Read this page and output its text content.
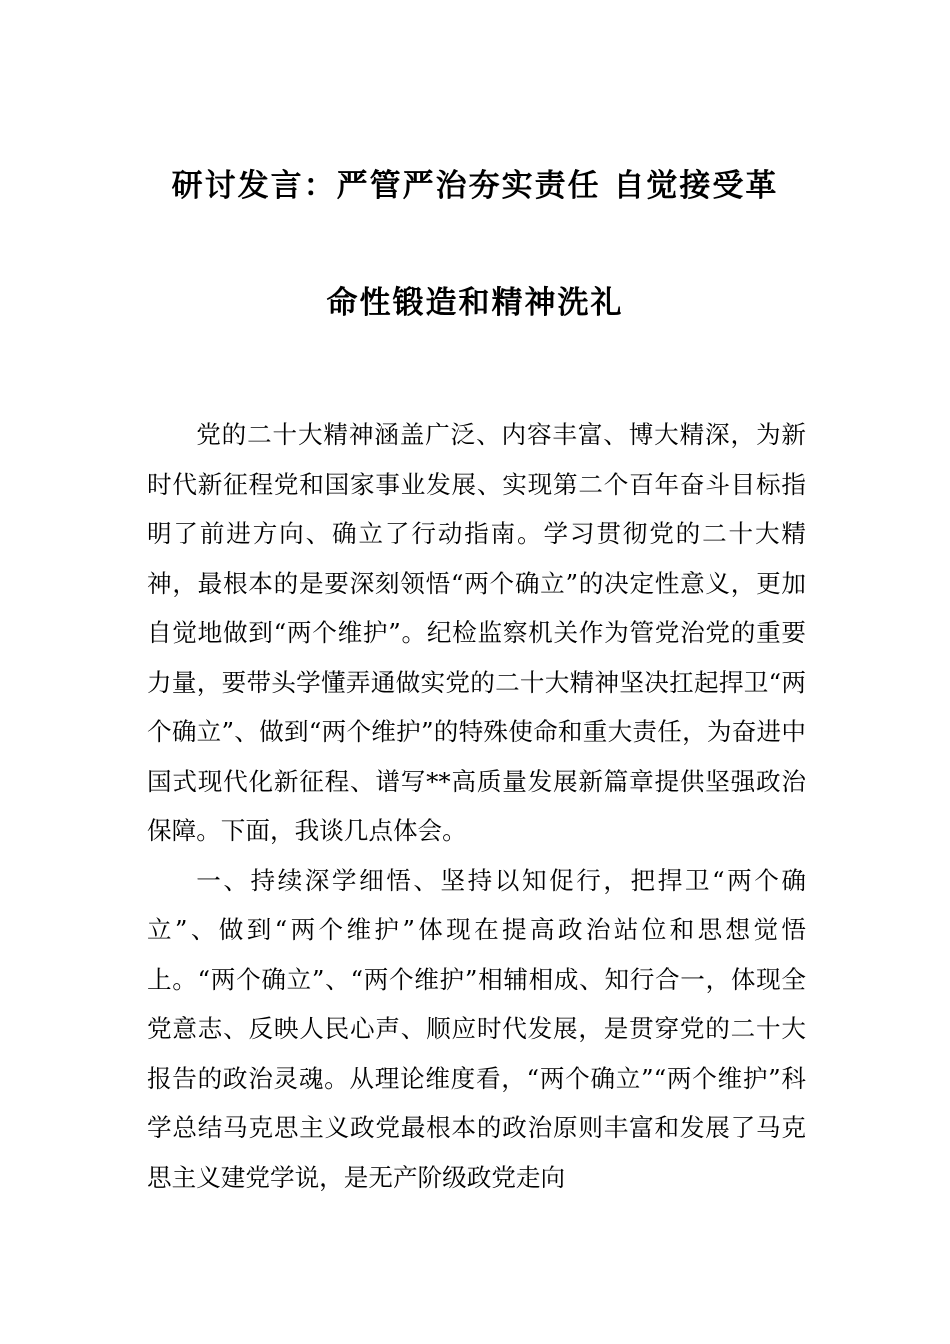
研讨发言：严管严治夯实责任 自觉接受革
命性锻造和精神洗礼

党的二十大精神涵盖广泛、内容丰富、博大精深，为新时代新征程党和国家事业发展、实现第二个百年奋斗目标指明了前进方向、确立了行动指南。学习贯彻党的二十大精神，最根本的是要深刻领悟“两个确立”的决定性意义，更加自觉地做到“两个维护”。纪检监察机关作为管党治党的重要力量，要带头学懂弄通做实党的二十大精神坚决扛起捍卫“两个确立”、做到“两个维护”的特殊使命和重大责任，为奋进中国式现代化新征程、谱写**高质量发展新篇章提供坚强政治保障。下面，我谈几点体会。

一、持续深学细悟、坚持以知促行，把捍卫“两个确立”、做到“两个维护”体现在提高政治站位和思想觉悟上。“两个确立”、“两个维护”相辅相成、知行合一，体现全党意志、反映人民心声、顺应时代发展，是贯穿党的二十大报告的政治灵魂。从理论维度看，“两个确立”“两个维护”科学总结马克思主义政党最根本的政治原则丰富和发展了马克思主义建党学说，是无产阶级政党走向
